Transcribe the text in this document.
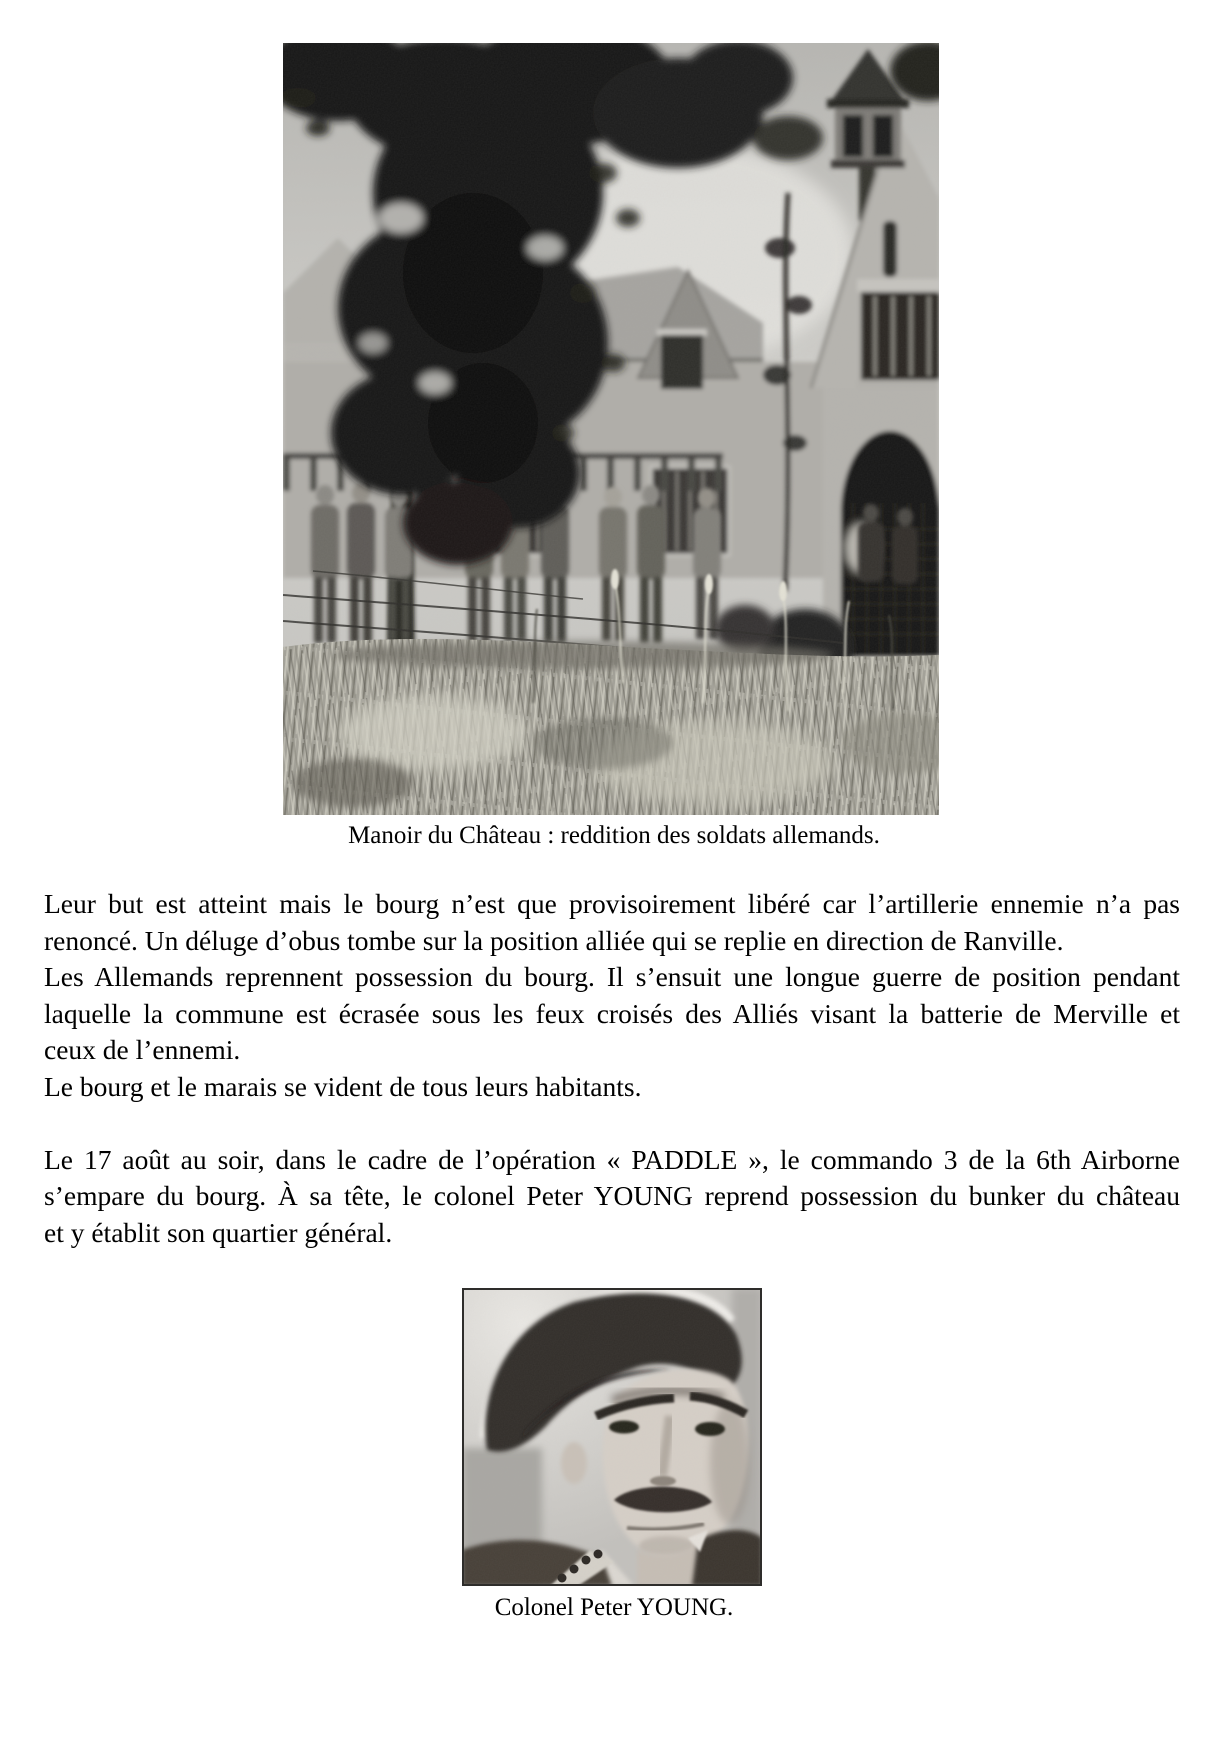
Manoir du Château : reddition des soldats allemands.
Leur but est atteint mais le bourg n’est que provisoirement libéré car l’artillerie ennemie n’a pas
renoncé. Un déluge d’obus tombe sur la position alliée qui se replie en direction de Ranville.
Les Allemands reprennent possession du bourg. Il s’ensuit une longue guerre de position pendant
laquelle la commune est écrasée sous les feux croisés des Alliés visant la batterie de Merville et
ceux de l’ennemi.
Le bourg et le marais se vident de tous leurs habitants.
Le 17 août au soir, dans le cadre de l’opération « PADDLE », le commando 3 de la 6th Airborne
s’empare du bourg. À sa tête, le colonel Peter YOUNG reprend possession du bunker du château
et y établit son quartier général.
Colonel Peter YOUNG.
